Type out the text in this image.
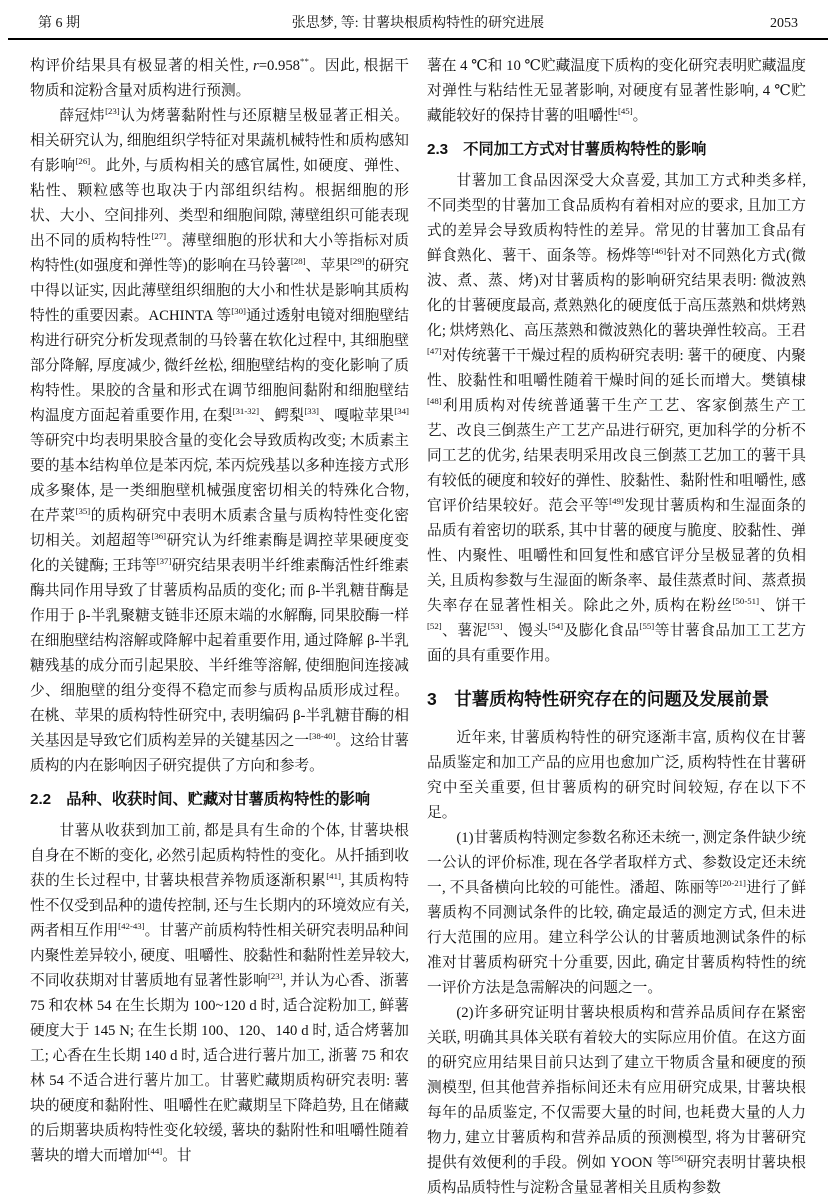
第 6 期	张思梦, 等: 甘薯块根质构特性的研究进展	2053

构评价结果具有极显著的相关性, r=0.958**。因此, 根据干物质和淀粉含量对质构进行预测。

薛冠炜[23]认为烤薯黏附性与还原糖呈极显著正相关。相关研究认为, 细胞组织学特征对果蔬机械特性和质构感知有影响[26]。此外, 与质构相关的感官属性, 如硬度、弹性、粘性、颗粒感等也取决于内部组织结构。根据细胞的形状、大小、空间排列、类型和细胞间隙, 薄壁组织可能表现出不同的质构特性[27]。薄壁细胞的形状和大小等指标对质构特性(如强度和弹性等)的影响在马铃薯[28]、苹果[29]的研究中得以证实, 因此薄壁组织细胞的大小和性状是影响其质构特性的重要因素。ACHINTA 等[30]通过透射电镜对细胞壁结构进行研究分析发现煮制的马铃薯在软化过程中, 其细胞壁部分降解, 厚度减少, 微纤丝松, 细胞壁结构的变化影响了质构特性。果胶的含量和形式在调节细胞间黏附和细胞壁结构温度方面起着重要作用, 在梨[31-32]、鳄梨[33]、嘎啦苹果[34]等研究中均表明果胶含量的变化会导致质构改变; 木质素主要的基本结构单位是苯丙烷, 苯丙烷残基以多种连接方式形成多聚体, 是一类细胞壁机械强度密切相关的特殊化合物, 在芹菜[35]的质构研究中表明木质素含量与质构特性变化密切相关。刘超超等[36]研究认为纤维素酶是调控苹果硬度变化的关键酶; 王玮等[37]研究结果表明半纤维素酶活性纤维素酶共同作用导致了甘薯质构品质的变化; 而 β-半乳糖苷酶是作用于 β-半乳聚糖支链非还原末端的水解酶, 同果胶酶一样在细胞壁结构溶解或降解中起着重要作用, 通过降解 β-半乳糖残基的成分而引起果胶、半纤维等溶解, 使细胞间连接减少、细胞壁的组分变得不稳定而参与质构品质形成过程。在桃、苹果的质构特性研究中, 表明编码 β-半乳糖苷酶的相关基因是导致它们质构差异的关键基因之一[38-40]。这给甘薯质构的内在影响因子研究提供了方向和参考。

2.2　品种、收获时间、贮藏对甘薯质构特性的影响

甘薯从收获到加工前, 都是具有生命的个体, 甘薯块根自身在不断的变化, 必然引起质构特性的变化。从扦插到收获的生长过程中, 甘薯块根营养物质逐渐积累[41], 其质构特性不仅受到品种的遗传控制, 还与生长期内的环境效应有关, 两者相互作用[42-43]。甘薯产前质构特性相关研究表明品种间内聚性差异较小, 硬度、咀嚼性、胶黏性和黏附性差异较大, 不同收获期对甘薯质地有显著性影响[23], 并认为心香、浙薯 75 和农林 54 在生长期为 100~120 d 时, 适合淀粉加工, 鲜薯硬度大于 145 N; 在生长期 100、120、140 d 时, 适合烤薯加工; 心香在生长期 140 d 时, 适合进行薯片加工, 浙薯 75 和农林 54 不适合进行薯片加工。甘薯贮藏期质构研究表明: 薯块的硬度和黏附性、咀嚼性在贮藏期呈下降趋势, 且在储藏的后期薯块质构特性变化较缓, 薯块的黏附性和咀嚼性随着薯块的增大而增加[44]。甘

薯在 4 ℃和 10 ℃贮藏温度下质构的变化研究表明贮藏温度对弹性与粘结性无显著影响, 对硬度有显著性影响, 4 ℃贮藏能较好的保持甘薯的咀嚼性[45]。

2.3　不同加工方式对甘薯质构特性的影响

甘薯加工食品因深受大众喜爱, 其加工方式种类多样, 不同类型的甘薯加工食品质构有着相对应的要求, 且加工方式的差异会导致质构特性的差异。常见的甘薯加工食品有鲜食熟化、薯干、面条等。杨烨等[46]针对不同熟化方式(微波、煮、蒸、烤)对甘薯质构的影响研究结果表明: 微波熟化的甘薯硬度最高, 煮熟熟化的硬度低于高压蒸熟和烘烤熟化; 烘烤熟化、高压蒸熟和微波熟化的薯块弹性较高。王君[47]对传统薯干干燥过程的质构研究表明: 薯干的硬度、内聚性、胶黏性和咀嚼性随着干燥时间的延长而增大。樊镇棣[48]利用质构对传统普通薯干生产工艺、客家倒蒸生产工艺、改良三倒蒸生产工艺产品进行研究, 更加科学的分析不同工艺的优劣, 结果表明采用改良三倒蒸工艺加工的薯干具有较低的硬度和较好的弹性、胶黏性、黏附性和咀嚼性, 感官评价结果较好。范会平等[49]发现甘薯质构和生湿面条的品质有着密切的联系, 其中甘薯的硬度与脆度、胶黏性、弹性、内聚性、咀嚼性和回复性和感官评分呈极显著的负相关, 且质构参数与生湿面的断条率、最佳蒸煮时间、蒸煮损失率存在显著性相关。除此之外, 质构在粉丝[50-51]、饼干[52]、薯泥[53]、馒头[54]及膨化食品[55]等甘薯食品加工工艺方面的具有重要作用。

3　甘薯质构特性研究存在的问题及发展前景

近年来, 甘薯质构特性的研究逐渐丰富, 质构仪在甘薯品质鉴定和加工产品的应用也愈加广泛, 质构特性在甘薯研究中至关重要, 但甘薯质构的研究时间较短, 存在以下不足。

(1)甘薯质构特测定参数名称还未统一, 测定条件缺少统一公认的评价标准, 现在各学者取样方式、参数设定还未统一, 不具备横向比较的可能性。潘超、陈丽等[20-21]进行了鲜薯质构不同测试条件的比较, 确定最适的测定方式, 但未进行大范围的应用。建立科学公认的甘薯质地测试条件的标准对甘薯质构研究十分重要, 因此, 确定甘薯质构特性的统一评价方法是急需解决的问题之一。

(2)许多研究证明甘薯块根质构和营养品质间存在紧密关联, 明确其具体关联有着较大的实际应用价值。在这方面的研究应用结果目前只达到了建立干物质含量和硬度的预测模型, 但其他营养指标间还未有应用研究成果, 甘薯块根每年的品质鉴定, 不仅需要大量的时间, 也耗费大量的人力物力, 建立甘薯质构和营养品质的预测模型, 将为甘薯研究提供有效便利的手段。例如 YOON 等[56]研究表明甘薯块根质构品质特性与淀粉含量显著相关且质构参数
